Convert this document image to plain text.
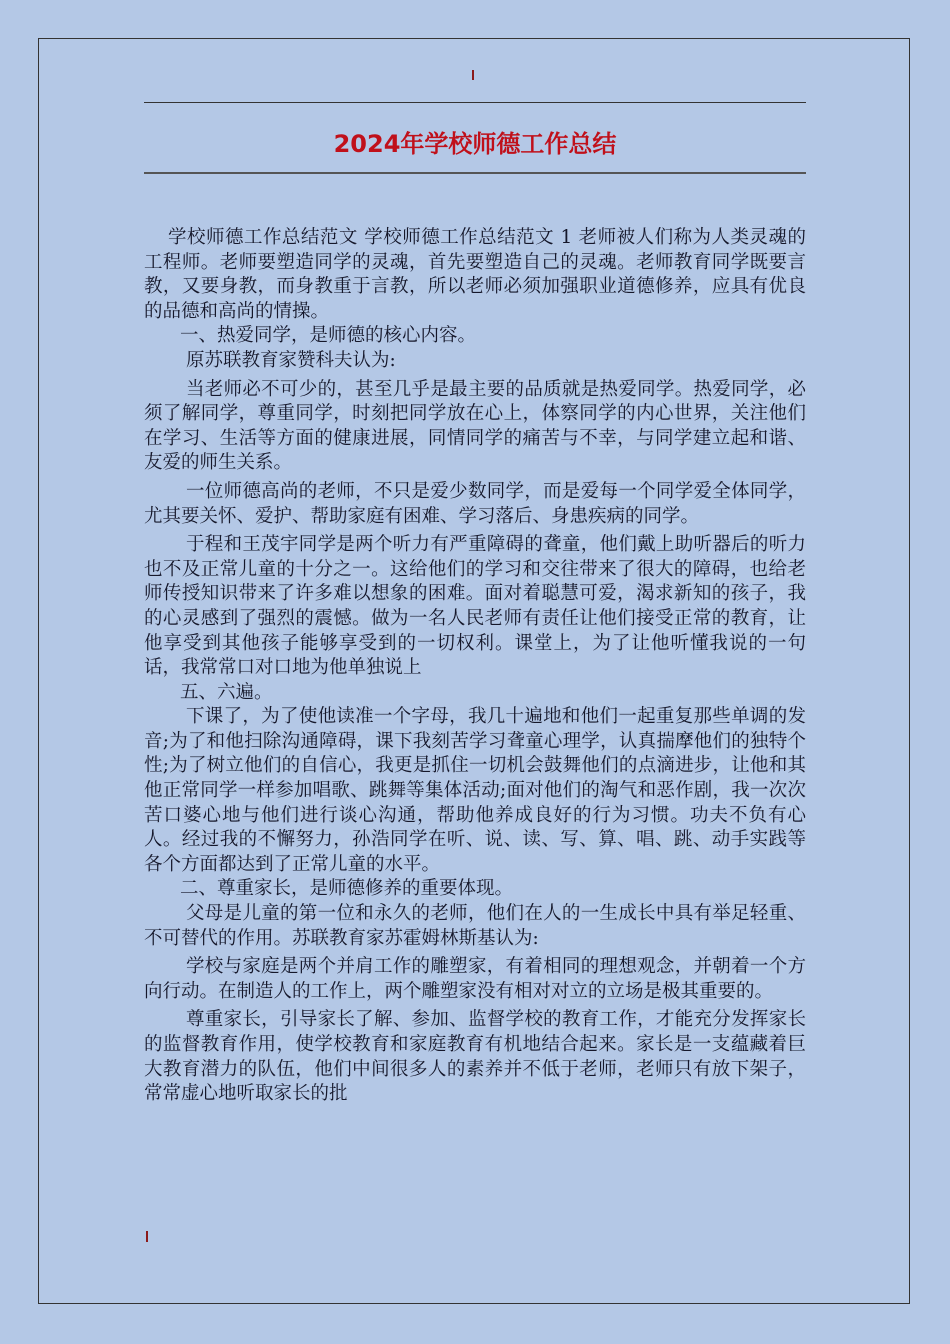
2024年学校师德工作总结

学校师德工作总结范文 学校师德工作总结范文 1 老师被人们称为人类灵魂的工程师。老师要塑造同学的灵魂，首先要塑造自己的灵魂。老师教育同学既要言教，又要身教，而身教重于言教，所以老师必须加强职业道德修养，应具有优良的品德和高尚的情操。

一、热爱同学，是师德的核心内容。

原苏联教育家赞科夫认为:

当老师必不可少的，甚至几乎是最主要的品质就是热爱同学。热爱同学，必须了解同学，尊重同学，时刻把同学放在心上，体察同学的内心世界，关注他们在学习、生活等方面的健康进展，同情同学的痛苦与不幸，与同学建立起和谐、友爱的师生关系。

一位师德高尚的老师，不只是爱少数同学，而是爱每一个同学爱全体同学，尤其要关怀、爱护、帮助家庭有困难、学习落后、身患疾病的同学。

于程和王茂宇同学是两个听力有严重障碍的聋童，他们戴上助听器后的听力也不及正常儿童的十分之一。这给他们的学习和交往带来了很大的障碍，也给老师传授知识带来了许多难以想象的困难。面对着聪慧可爱，渴求新知的孩子，我的心灵感到了强烈的震憾。做为一名人民老师有责任让他们接受正常的教育，让他享受到其他孩子能够享受到的一切权利。课堂上，为了让他听懂我说的一句话，我常常口对口地为他单独说上

五、六遍。

下课了，为了使他读准一个字母，我几十遍地和他们一起重复那些单调的发音;为了和他扫除沟通障碍，课下我刻苦学习聋童心理学，认真揣摩他们的独特个性;为了树立他们的自信心，我更是抓住一切机会鼓舞他们的点滴进步，让他和其他正常同学一样参加唱歌、跳舞等集体活动;面对他们的淘气和恶作剧，我一次次苦口婆心地与他们进行谈心沟通，帮助他养成良好的行为习惯。功夫不负有心人。经过我的不懈努力，孙浩同学在听、说、读、写、算、唱、跳、动手实践等各个方面都达到了正常儿童的水平。

二、尊重家长，是师德修养的重要体现。

父母是儿童的第一位和永久的老师，他们在人的一生成长中具有举足轻重、不可替代的作用。苏联教育家苏霍姆林斯基认为:

学校与家庭是两个并肩工作的雕塑家，有着相同的理想观念，并朝着一个方向行动。在制造人的工作上，两个雕塑家没有相对对立的立场是极其重要的。

尊重家长，引导家长了解、参加、监督学校的教育工作，才能充分发挥家长的监督教育作用，使学校教育和家庭教育有机地结合起来。家长是一支蕴藏着巨大教育潜力的队伍，他们中间很多人的素养并不低于老师，老师只有放下架子，常常虚心地听取家长的批
